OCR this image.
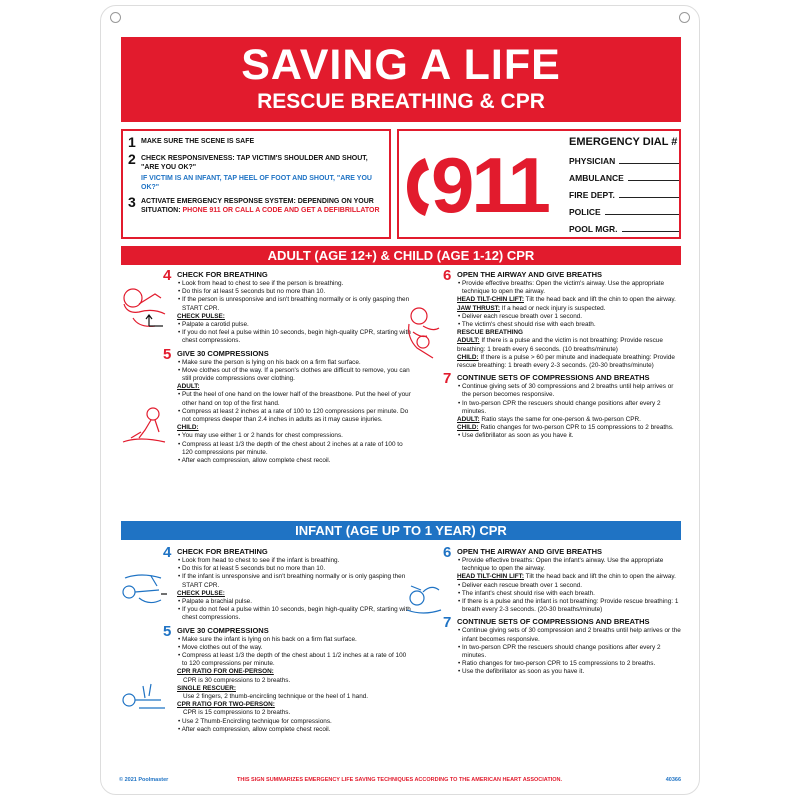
SAVING A LIFE
RESCUE BREATHING & CPR
1 MAKE SURE THE SCENE IS SAFE
2 CHECK RESPONSIVENESS: TAP VICTIM'S SHOULDER AND SHOUT, "ARE YOU OK?"
IF VICTIM IS AN INFANT, TAP HEEL OF FOOT AND SHOUT, "ARE YOU OK?"
3 ACTIVATE EMERGENCY RESPONSE SYSTEM: DEPENDING ON YOUR SITUATION: PHONE 911 OR CALL A CODE AND GET A DEFIBRILLATOR 911 EMERGENCY DIAL #
PHYSICIAN
AMBULANCE
FIRE DEPT.
POLICE
POOL MGR.
ADULT (AGE 12+) & CHILD (AGE 1-12) CPR
4 CHECK FOR BREATHING

• Look from head to chest to see if the person is breathing.

• Do this for at least 5 seconds but no more than 10.

• If the person is unresponsive and isn't breathing normally or is only gasping then START CPR.

CHECK PULSE:

• Palpate a carotid pulse.

• If you do not feel a pulse within 10 seconds, begin high-quality CPR, starting with chest compressions.

5 GIVE 30 COMPRESSIONS

• Make sure the person is lying on his back on a firm flat surface.

• Move clothes out of the way. If a person's clothes are difficult to remove, you can still provide compressions over clothing.

ADULT:

• Put the heel of one hand on the lower half of the breastbone. Put the heel of your other hand on top of the first hand.

• Compress at least 2 inches at a rate of 100 to 120 compressions per minute. Do not compress deeper than 2.4 inches in adults as it may cause injuries.

CHILD:

• You may use either 1 or 2 hands for chest compressions.

• Compress at least 1/3 the depth of the chest about 2 inches at a rate of 100 to 120 compressions per minute.

• After each compression, allow complete chest recoil.

6 OPEN THE AIRWAY AND GIVE BREATHS

• Provide effective breaths: Open the victim's airway. Use the appropriate technique to open the airway.

HEAD TILT-CHIN LIFT: Tilt the head back and lift the chin to open the airway.

JAW THRUST: If a head or neck injury is suspected.

• Deliver each rescue breath over 1 second.

• The victim's chest should rise with each breath.

RESCUE BREATHING

ADULT: If there is a pulse and the victim is not breathing: Provide rescue breathing: 1 breath every 6 seconds. (10 breaths/minute)

CHILD: If there is a pulse > 60 per minute and inadequate breathing: Provide rescue breathing: 1 breath every 2-3 seconds. (20-30 breaths/minute)

7 CONTINUE SETS OF COMPRESSIONS AND BREATHS

• Continue giving sets of 30 compressions and 2 breaths until help arrives or the person becomes responsive.

• In two-person CPR the rescuers should change positions after every 2 minutes.

ADULT: Ratio stays the same for one-person & two-person CPR.

CHILD: Ratio changes for two-person CPR to 15 compressions to 2 breaths.

• Use defibrillator as soon as you have it.

INFANT (AGE UP TO 1 YEAR) CPR
4 CHECK FOR BREATHING

• Look from head to chest to see if the infant is breathing.

• Do this for at least 5 seconds but no more than 10.

• If the infant is unresponsive and isn't breathing normally or is only gasping then START CPR.

CHECK PULSE:

• Palpate a brachial pulse.

• If you do not feel a pulse within 10 seconds, begin high-quality CPR, starting with chest compressions.

5 GIVE 30 COMPRESSIONS

• Make sure the infant is lying on his back on a firm flat surface.

• Move clothes out of the way.

• Compress at least 1/3 the depth of the chest about 1 1/2 inches at a rate of 100 to 120 compressions per minute.

CPR RATIO FOR ONE-PERSON:

CPR is 30 compressions to 2 breaths.

SINGLE RESCUER:

Use 2 fingers, 2 thumb-encircling technique or the heel of 1 hand.

CPR RATIO FOR TWO-PERSON:

CPR is 15 compressions to 2 breaths.

• Use 2 Thumb-Encircling technique for compressions.

• After each compression, allow complete chest recoil.

6 OPEN THE AIRWAY AND GIVE BREATHS

• Provide effective breaths: Open the infant's airway. Use the appropriate technique to open the airway.

HEAD TILT-CHIN LIFT: Tilt the head back and lift the chin to open the airway.

• Deliver each rescue breath over 1 second.

• The infant's chest should rise with each breath.

• If there is a pulse and the infant is not breathing: Provide rescue breathing: 1 breath every 2-3 seconds. (20-30 breaths/minute)

7 CONTINUE SETS OF COMPRESSIONS AND BREATHS

• Continue giving sets of 30 compression and 2 breaths until help arrives or the infant becomes responsive.

• In two-person CPR the rescuers should change positions after every 2 minutes.

• Ratio changes for two-person CPR to 15 compressions to 2 breaths.

• Use the defibrillator as soon as you have it.

© 2021 Poolmaster	THIS SIGN SUMMARIZES EMERGENCY LIFE SAVING TECHNIQUES ACCORDING TO THE AMERICAN HEART ASSOCIATION.	40366
